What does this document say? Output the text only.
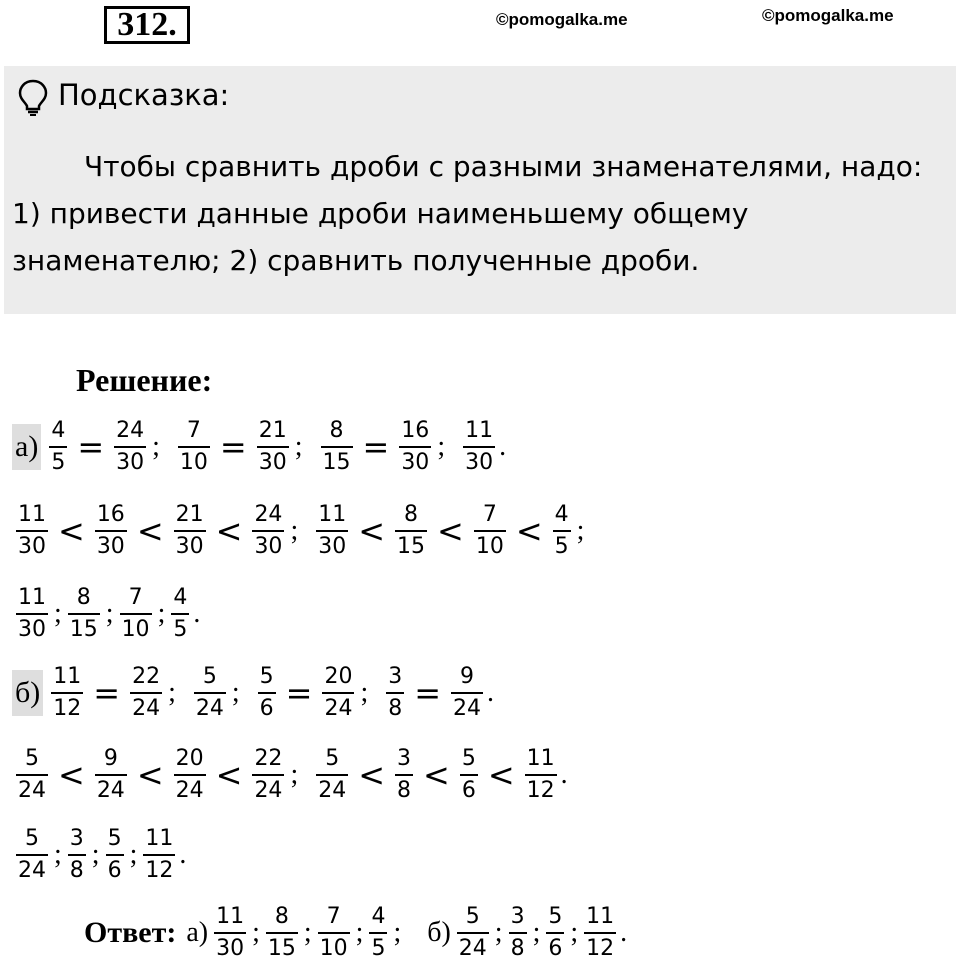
312.	©pomogalka.me	©pomogalka.me
Подсказка:
Чтобы сравнить дроби с разными знаменателями, надо:
1) привести данные дроби наименьшему общему
знаменателю; 2) сравнить полученные дроби.
Решение:
$а) \frac{4}{5} = \frac{24}{30}$ ; $\frac{7}{10} = \frac{21}{30}$ ; $\frac{8}{15} = \frac{16}{30}$ ; $\frac{11}{30}$ .
$\frac{11}{30} < \frac{16}{30} < \frac{21}{30} < \frac{24}{30}$ ; $\frac{11}{30} < \frac{8}{15} < \frac{7}{10} < \frac{4}{5}$ ;
$\frac{11}{30}$ ; $\frac{8}{15}$ ; $\frac{7}{10}$ ; $\frac{4}{5}$ .
$б) \frac{11}{12} = \frac{22}{24}$ ; $\frac{5}{24}$ ; $\frac{5}{6} = \frac{20}{24}$ ; $\frac{3}{8} = \frac{9}{24}$ .
$\frac{5}{24} < \frac{9}{24} < \frac{20}{24} < \frac{22}{24}$ ; $\frac{5}{24} < \frac{3}{8} < \frac{5}{6} < \frac{11}{12}$ .
$\frac{5}{24}$ ; $\frac{3}{8}$ ; $\frac{5}{6}$ ; $\frac{11}{12}$ .
Ответ: $а) \frac{11}{30}$ ; $\frac{8}{15}$ ; $\frac{7}{10}$ ; $\frac{4}{5}$ ; $б) \frac{5}{24}$ ; $\frac{3}{8}$ ; $\frac{5}{6}$ ; $\frac{11}{12}$ .
